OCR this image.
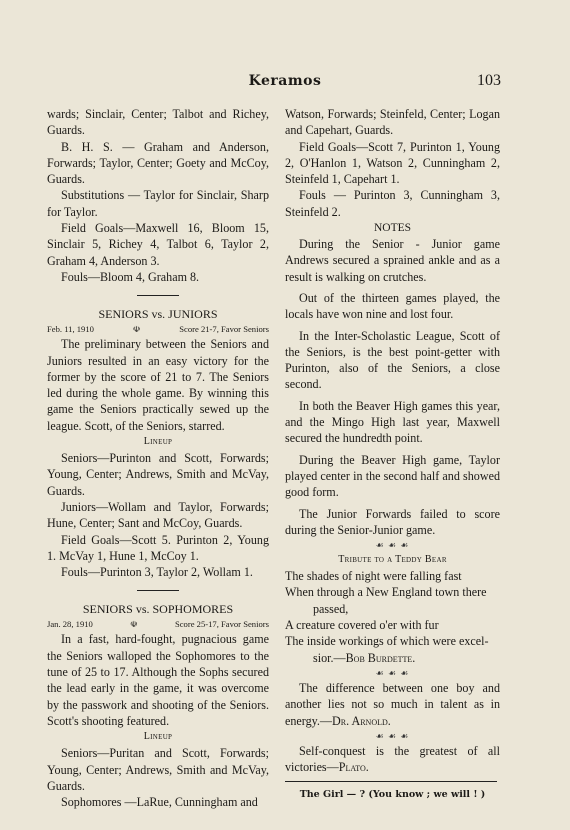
Keramos	103

wards; Sinclair, Center; Talbot and Richey, Guards.

B. H. S. — Graham and Anderson, Forwards; Taylor, Center; Goety and McCoy, Guards.

Substitutions — Taylor for Sinclair, Sharp for Taylor.

Field Goals—Maxwell 16, Bloom 15, Sinclair 5, Richey 4, Talbot 6, Taylor 2, Graham 4, Anderson 3.

Fouls—Bloom 4, Graham 8.

SENIORS vs. JUNIORS
Feb. 11, 1910	☫	Score 21-7, Favor Seniors

The preliminary between the Seniors and Juniors resulted in an easy victory for the former by the score of 21 to 7. The Seniors led during the whole game. By winning this game the Seniors practically sewed up the league. Scott, of the Seniors, starred.

Lineup

Seniors—Purinton and Scott, Forwards; Young, Center; Andrews, Smith and McVay, Guards.

Juniors—Wollam and Taylor, Forwards; Hune, Center; Sant and McCoy, Guards.

Field Goals—Scott 5. Purinton 2, Young 1. McVay 1, Hune 1, McCoy 1.

Fouls—Purinton 3, Taylor 2, Wollam 1.

SENIORS vs. SOPHOMORES
Jan. 28, 1910	☫	Score 25-17, Favor Seniors

In a fast, hard-fought, pugnacious game the Seniors walloped the Sophomores to the tune of 25 to 17. Although the Sophs secured the lead early in the game, it was overcome by the passwork and shooting of the Seniors. Scott's shooting featured.

Lineup

Seniors—Puritan and Scott, Forwards; Young, Center; Andrews, Smith and McVay, Guards.

Sophomores —LaRue, Cunningham and

Watson, Forwards; Steinfeld, Center; Logan and Capehart, Guards.

Field Goals—Scott 7, Purinton 1, Young 2, O'Hanlon 1, Watson 2, Cunningham 2, Steinfeld 1, Capehart 1.

Fouls — Purinton 3, Cunningham 3, Steinfeld 2.

NOTES

During the Senior - Junior game Andrews secured a sprained ankle and as a result is walking on crutches.

Out of the thirteen games played, the locals have won nine and lost four.

In the Inter-Scholastic League, Scott of the Seniors, is the best point-getter with Purinton, also of the Seniors, a close second.

In both the Beaver High games this year, and the Mingo High last year, Maxwell secured the hundredth point.

During the Beaver High game, Taylor played center in the second half and showed good form.

The Junior Forwards failed to score during the Senior-Junior game.

☙ ☙ ☙
Tribute to a Teddy Bear

The shades of night were falling fast

When through a New England town there

passed,

A creature covered o'er with fur

The inside workings of which were excel-

sior.—Bob Burdette.

☙ ☙ ☙

The difference between one boy and another lies not so much in talent as in energy.—Dr. Arnold.

☙ ☙ ☙

Self-conquest is the greatest of all victories—Plato.

The Girl — ? (You know ; we will ! )
